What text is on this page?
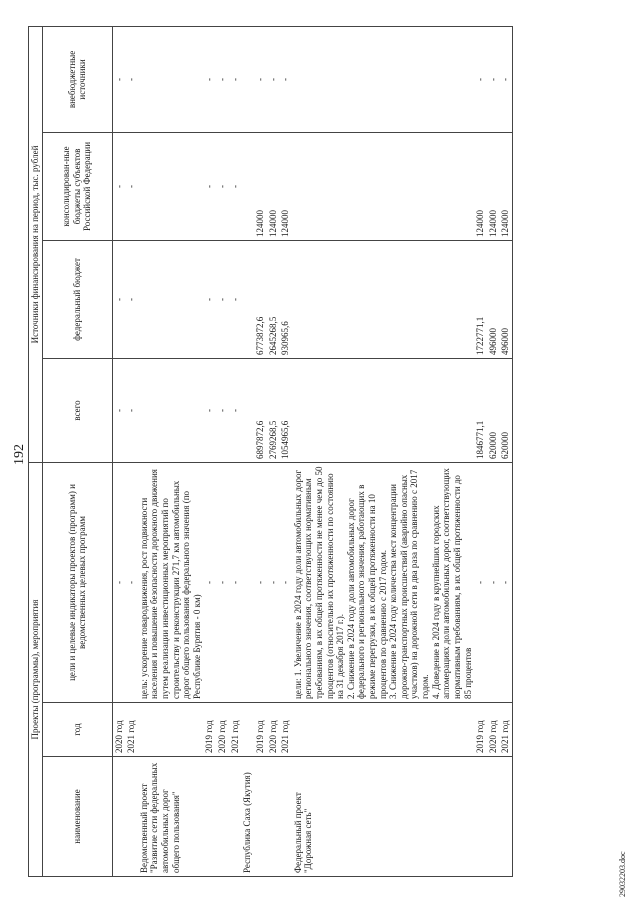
192
Проекты (программы), мероприятия			Источники финансирования на период, тыс. рублей			
наименование	год	цели и целевые индикаторы проектов (программ) и ведомственных целевых программ	всего	федеральный бюджет	консолидирован-ные бюджеты субъектов Российской Федерации	внебюджетные источники
	2020 год	-	-	-	-	-
	2021 год	-	-	-	-	-
Ведомственный проект "Развитие сети федеральных автомобильных дорог общего пользования"		цель: ускорение товародвижения, рост подвижности населения и повышение безопасности дорожного движения путем реализации инвестиционных мероприятий по строительству и реконструкции 271,7 км автомобильных дорог общего пользования федерального значения (по Республике Бурятия - 0 км)				
	2019 год	-	-	-	-	-
	2020 год	-	-	-	-	-
	2021 год	-	-	-	-	-
Республика Саха (Якутия)						
	2019 год	-	6897872,6	6773872,6	124000	-
	2020 год	-	2769268,5	2645268,5	124000	-
	2021 год	-	1054965,6	930965,6	124000	-
Федеральный проект "Дорожная сеть"		цели: 1. Увеличение в 2024 году доли автомобильных дорог регионального значения, соответствующих нормативным требованиям, в их общей протяженности не менее чем до 50 процентов (относительно их протяженности по состоянию на 31 декабря 2017 г.).
2. Снижение в 2024 году доли автомобильных дорог федерального и регионального значения, работающих в режиме перегрузки, в их общей протяженности на 10 процентов по сравнению с 2017 годом.
3. Снижение в 2024 году количества мест концентрации дорожно-транспортных происшествий (аварийно опасных участков) на дорожной сети в два раза по сравнению с 2017 годом.
4. Доведение в 2024 году в крупнейших городских агломерациях доли автомобильных дорог, соответствующих нормативным требованиям, в их общей протяженности до 85 процентов				
	2019 год	-	1846771,1	1722771,1	124000	-
	2020 год	-	620000	496000	124000	-
	2021 год	-	620000	496000	124000	-
29032203.doc
